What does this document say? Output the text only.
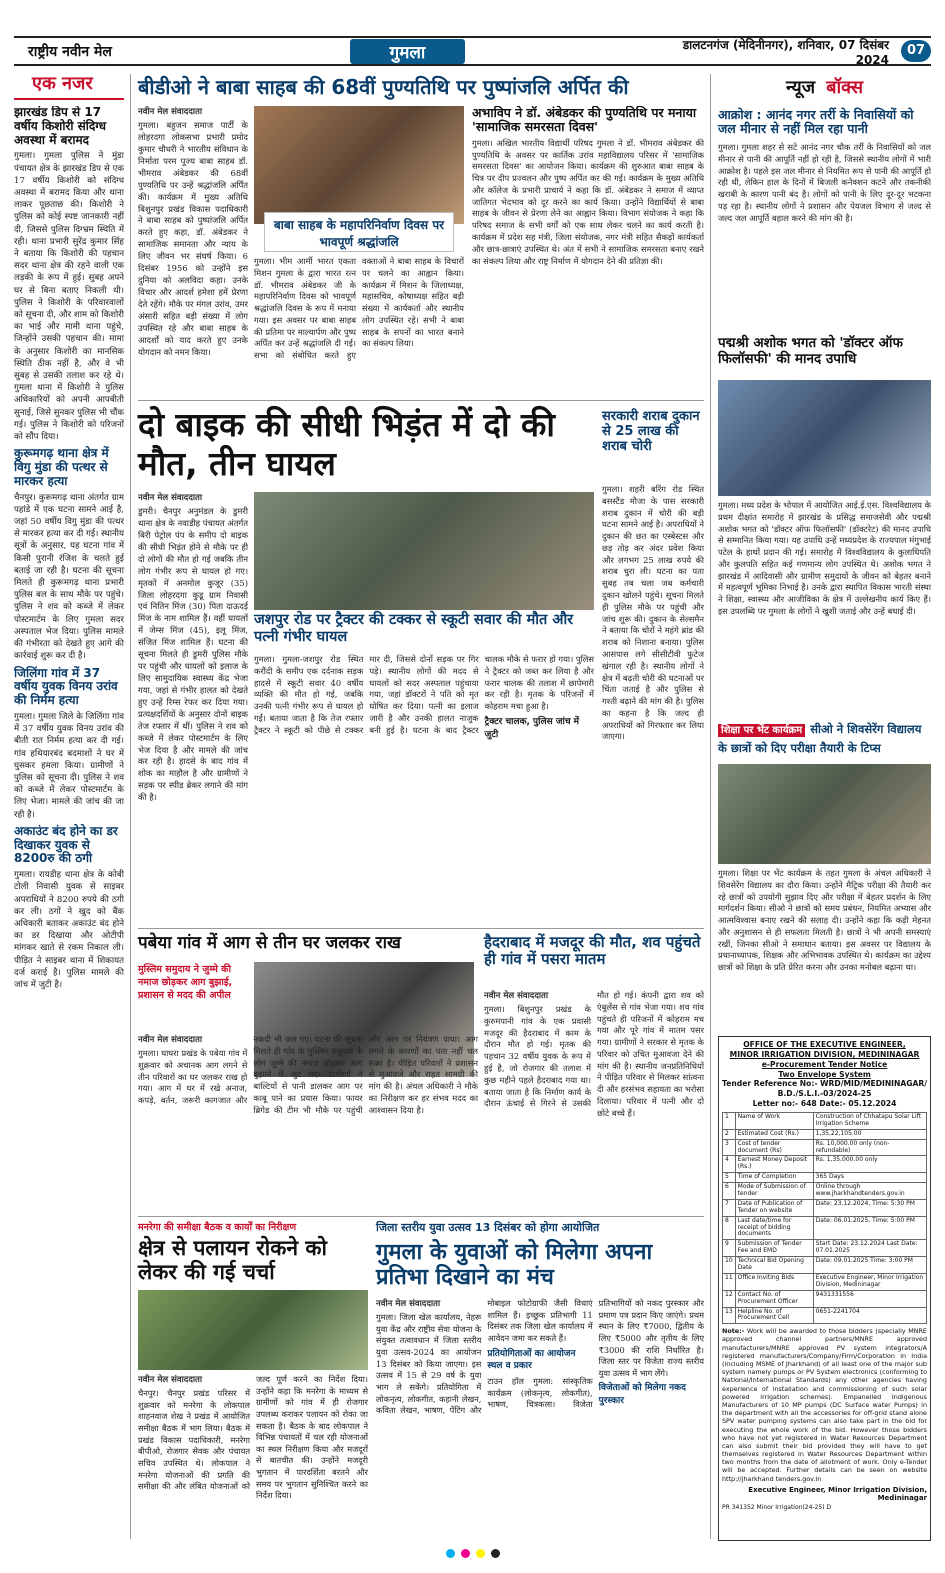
राष्ट्रीय नवीन मेल	गुमला	डालटनगंज (मेदिनीनगर), शनिवार, 07 दिसंबर 2024
07
एक नजर
झारखंड डिप से 17 वर्षीय किशोरी संदिग्ध अवस्था में बरामद

गुमला। गुमला पुलिस ने मुंडा पंचायत क्षेत्र के झारखंड डिप से एक 17 वर्षीय किशोरी को संदिग्ध अवस्था में बरामद किया और थाना लाकर पूछताछ की। किशोरी ने पुलिस को कोई स्पष्ट जानकारी नहीं दी, जिससे पुलिस दिग्भ्रम स्थिति में रही। थाना प्रभारी सुरेंद्र कुमार सिंह ने बताया कि किशोरी की पहचान सदर थाना क्षेत्र की रहने वाली एक लड़की के रूप में हुई। सुबह अपने घर से बिना बताए निकली थी। पुलिस ने किशोरी के परिवारवालों को सूचना दी, और शाम को किशोरी का भाई और मामी थाना पहुंचे, जिन्होंने उसकी पहचान की। मामा के अनुसार किशोरी का मानसिक स्थिति ठीक नहीं है, और वे भी सुबह से उसकी तलाश कर रहे थे। गुमला थाना में किशोरी ने पुलिस अधिकारियों को अपनी आपबीती सुनाई, जिसे सुनकर पुलिस भी चौंक गई। पुलिस ने किशोरी को परिजनों को सौंप दिया।

कुरूमगढ़ थाना क्षेत्र में विगु मुंडा की पत्थर से मारकर हत्या

चैनपुर। कुरूमगढ़ थाना अंतर्गत ग्राम पहांडे में एक घटना सामने आई है, जहां 50 वर्षीय विगु मुंडा की पत्थर से मारकर हत्या कर दी गई। स्थानीय सूत्रों के अनुसार, यह घटना गांव में किसी पुरानी रंजिश के चलते हुई बताई जा रही है। घटना की सूचना मिलते ही कुरूमगढ़ थाना प्रभारी पुलिस बल के साथ मौके पर पहुंचे। पुलिस ने शव को कब्जे में लेकर पोस्टमार्टम के लिए गुमला सदर अस्पताल भेज दिया। पुलिस मामले की गंभीरता को देखते हुए आगे की कार्रवाई शुरू कर दी है।

जिलिंगा गांव में 37 वर्षीय युवक विनय उरांव की निर्मम हत्या

गुमला। गुमला जिले के जिलिंगा गांव में 37 वर्षीय युवक विनय उरांव की बीती रात निर्मम हत्या कर दी गई। गांव हथियारबंद बदमाशों ने घर में घुसकर हमला किया। ग्रामीणों ने पुलिस को सूचना दी। पुलिस ने शव को कब्जे में लेकर पोस्टमार्टम के लिए भेजा। मामले की जांच की जा रही है।

अकाउंट बंद होने का डर दिखाकर युवक से 8200रु की ठगी

गुमला। रायडीह थाना क्षेत्र के कोबी टोली निवासी युवक से साइबर अपराधियों ने 8200 रुपये की ठगी कर ली। ठगों ने खुद को बैंक अधिकारी बताकर अकाउंट बंद होने का डर दिखाया और ओटीपी मांगकर खाते से रकम निकाल ली। पीड़ित ने साइबर थाना में शिकायत दर्ज कराई है। पुलिस मामले की जांच में जुटी है।

बीडीओ ने बाबा साहब की 68वीं पुण्यतिथि पर पुष्पांजलि अर्पित की
नवीन मेल संवाददाता

गुमला। बहुजन समाज पार्टी के लोहरदगा लोकसभा प्रभारी प्रमोद कुमार चौधरी ने भारतीय संविधान के निर्माता परम पूज्य बाबा साहब डॉ. भीमराव अंबेडकर की 68वीं पुण्यतिथि पर उन्हें श्रद्धांजलि अर्पित की। कार्यक्रम में मुख्य अतिथि बिशुनपुर प्रखंड विकास पदाधिकारी ने बाबा साहब को पुष्पांजलि अर्पित करते हुए कहा, डॉ. अंबेडकर ने सामाजिक समानता और न्याय के लिए जीवन भर संघर्ष किया। 6 दिसंबर 1956 को उन्होंने इस दुनिया को अलविदा कहा। उनके विचार और आदर्श हमेशा हमें प्रेरणा देते रहेंगे। मौके पर मंगल उरांव, उमर अंसारी सहित बड़ी संख्या में लोग उपस्थित रहे और बाबा साहब के आदर्शों को याद करते हुए उनके योगदान को नमन किया।

बाबा साहब के महापरिनिर्वाण दिवस पर भावपूर्ण श्रद्धांजलि

गुमला। भीम आर्मी भारत एकता मिशन गुमला के द्वारा भारत रत्न डॉ. भीमराव अंबेडकर जी के महापरिनिर्वाण दिवस को भावपूर्ण श्रद्धांजलि दिवस के रूप में मनाया गया। इस अवसर पर बाबा साहब की प्रतिमा पर माल्यार्पण और पुष्प अर्पित कर उन्हें श्रद्धांजलि दी गई। सभा को संबोधित करते हुए वक्ताओं ने बाबा साहब के विचारों पर चलने का आह्वान किया। कार्यक्रम में मिशन के जिलाध्यक्ष, महासचिव, कोषाध्यक्ष सहित बड़ी संख्या में कार्यकर्ता और स्थानीय लोग उपस्थित रहे। सभी ने बाबा साहब के सपनों का भारत बनाने का संकल्प लिया।

अभाविप ने डॉ. अंबेडकर की पुण्यतिथि पर मनाया 'सामाजिक समरसता दिवस'

गुमला। अखिल भारतीय विद्यार्थी परिषद गुमला ने डॉ. भीमराव अंबेडकर की पुण्यतिथि के अवसर पर कार्तिक उरांव महाविद्यालय परिसर में 'सामाजिक समरसता दिवस' का आयोजन किया। कार्यक्रम की शुरुआत बाबा साहब के चित्र पर दीप प्रज्वलन और पुष्प अर्पित कर की गई। कार्यक्रम के मुख्य अतिथि और कॉलेज के प्रभारी प्राचार्य ने कहा कि डॉ. अंबेडकर ने समाज में व्याप्त जातिगत भेदभाव को दूर करने का कार्य किया। उन्होंने विद्यार्थियों से बाबा साहब के जीवन से प्रेरणा लेने का आह्वान किया। विभाग संयोजक ने कहा कि परिषद समाज के सभी वर्गों को एक साथ लेकर चलने का कार्य करती है। कार्यक्रम में प्रदेश सह मंत्री, जिला संयोजक, नगर मंत्री सहित सैकड़ों कार्यकर्ता और छात्र-छात्राएं उपस्थित थे। अंत में सभी ने सामाजिक समरसता बनाए रखने का संकल्प लिया और राष्ट्र निर्माण में योगदान देने की प्रतिज्ञा की।

दो बाइक की सीधी भिड़ंत में दो की मौत, तीन घायल
नवीन मेल संवाददाता

डुमरी। चैनपुर अनुमंडल के डुमरी थाना क्षेत्र के नवाडीह पंचायत अंतर्गत बिरी पेट्रोल पंप के समीप दो बाइक की सीधी भिड़ंत होने से मौके पर ही दो लोगों की मौत हो गई जबकि तीन लोग गंभीर रूप से घायल हो गए। मृतकों में अनमोल कुजूर (35) जिला लोहरदगा कुडू ग्राम निवासी एवं नितिन मिंज (30) पिता दाऊदई मिंज के नाम शामिल हैं। वहीं घायलों में जेम्स मिंज (45), इलू मिंज, संजित मिंज शामिल हैं। घटना की सूचना मिलते ही डुमरी पुलिस मौके पर पहुंची और घायलों को इलाज के लिए सामुदायिक स्वास्थ्य केंद्र भेजा गया, जहां से गंभीर हालत को देखते हुए उन्हें रिम्स रेफर कर दिया गया। प्रत्यक्षदर्शियों के अनुसार दोनों बाइक तेज रफ्तार में थीं। पुलिस ने शव को कब्जे में लेकर पोस्टमार्टम के लिए भेज दिया है और मामले की जांच कर रही है। हादसे के बाद गांव में शोक का माहौल है और ग्रामीणों ने सड़क पर स्पीड ब्रेकर लगाने की मांग की है।

जशपुर रोड पर ट्रैक्टर की टक्कर से स्कूटी सवार की मौत और पत्नी गंभीर घायल

गुमला। गुमला-जशपुर रोड स्थित करौंदी के समीप एक दर्दनाक सड़क हादसे में स्कूटी सवार 40 वर्षीय व्यक्ति की मौत हो गई, जबकि उनकी पत्नी गंभीर रूप से घायल हो गईं। बताया जाता है कि तेज रफ्तार ट्रैक्टर ने स्कूटी को पीछे से टक्कर मार दी, जिससे दोनों सड़क पर गिर पड़े। स्थानीय लोगों की मदद से घायलों को सदर अस्पताल पहुंचाया गया, जहां डॉक्टरों ने पति को मृत घोषित कर दिया। पत्नी का इलाज जारी है और उनकी हालत नाजुक बनी हुई है। घटना के बाद ट्रैक्टर चालक मौके से फरार हो गया। पुलिस ने ट्रैक्टर को जब्त कर लिया है और फरार चालक की तलाश में छापेमारी कर रही है। मृतक के परिजनों में कोहराम मचा हुआ है।

ट्रैक्टर चालक, पुलिस जांच में जुटी
सरकारी शराब दुकान से 25 लाख की शराब चोरी

गुमला। शहरी बरिंग रोड स्थित बसस्टैंड मौजा के पास सरकारी शराब दुकान में चोरी की बड़ी घटना सामने आई है। अपराधियों ने दुकान की छत का एस्बेस्टस और छड़ तोड़ कर अंदर प्रवेश किया और लगभग 25 लाख रुपये की शराब चुरा ली। घटना का पता सुबह तब चला जब कर्मचारी दुकान खोलने पहुंचे। सूचना मिलते ही पुलिस मौके पर पहुंची और जांच शुरू की। दुकान के सेल्समैन ने बताया कि चोरों ने महंगे ब्रांड की शराब को निशाना बनाया। पुलिस आसपास लगे सीसीटीवी फुटेज खंगाल रही है। स्थानीय लोगों ने क्षेत्र में बढ़ती चोरी की घटनाओं पर चिंता जताई है और पुलिस से गश्ती बढ़ाने की मांग की है। पुलिस का कहना है कि जल्द ही अपराधियों को गिरफ्तार कर लिया जाएगा।

पबेया गांव में आग से तीन घर जलकर राख
मुस्लिम समुदाय ने जुम्मे की नमाज छोड़कर आग बुझाई, प्रशासन से मदद की अपील
नवीन मेल संवाददाता

गुमला। घाघरा प्रखंड के पबेया गांव में शुक्रवार को अचानक आग लगने से तीन परिवारों का घर जलकर राख हो गया। आग में घर में रखे अनाज, कपड़े, बर्तन, जरूरी कागजात और नकदी भी जल गए। घटना की सूचना मिलते ही गांव के मुस्लिम समुदाय के लोग जुम्मे की नमाज छोड़कर आग बुझाने में जुट गए। ग्रामीणों ने बाल्टियों से पानी डालकर आग पर काबू पाने का प्रयास किया। फायर ब्रिगेड की टीम भी मौके पर पहुंची और आग पर नियंत्रण पाया। आग लगने के कारणों का पता नहीं चल सका है। पीड़ित परिवारों ने प्रशासन से मुआवजे और राहत सामग्री की मांग की है। अंचल अधिकारी ने मौके का निरीक्षण कर हर संभव मदद का आश्वासन दिया है।

हैदराबाद में मजदूर की मौत, शव पहुंचते ही गांव में पसरा मातम
नवीन मेल संवाददाता

गुमला। बिशुनपुर प्रखंड के कुरुमपानी गांव के एक प्रवासी मजदूर की हैदराबाद में काम के दौरान मौत हो गई। मृतक की पहचान 32 वर्षीय युवक के रूप में हुई है, जो रोजगार की तलाश में कुछ महीने पहले हैदराबाद गया था। बताया जाता है कि निर्माण कार्य के दौरान ऊंचाई से गिरने से उसकी मौत हो गई। कंपनी द्वारा शव को एंबुलेंस से गांव भेजा गया। शव गांव पहुंचते ही परिजनों में कोहराम मच गया और पूरे गांव में मातम पसर गया। ग्रामीणों ने सरकार से मृतक के परिवार को उचित मुआवजा देने की मांग की है। स्थानीय जनप्रतिनिधियों ने पीड़ित परिवार से मिलकर सांत्वना दी और हरसंभव सहायता का भरोसा दिलाया। परिवार में पत्नी और दो छोटे बच्चे हैं।

मनरेगा की समीक्षा बैठक व कार्यों का निरीक्षण
क्षेत्र से पलायन रोकने को लेकर की गई चर्चा
नवीन मेल संवाददाता

चैनपुर। चैनपुर प्रखंड परिसर में शुक्रवार को मनरेगा के लोकपाल शाहनवाज शेख ने प्रखंड में आयोजित समीक्षा बैठक में भाग लिया। बैठक में प्रखंड विकास पदाधिकारी, मनरेगा बीपीओ, रोजगार सेवक और पंचायत सचिव उपस्थित थे। लोकपाल ने मनरेगा योजनाओं की प्रगति की समीक्षा की और लंबित योजनाओं को जल्द पूर्ण करने का निर्देश दिया। उन्होंने कहा कि मनरेगा के माध्यम से ग्रामीणों को गांव में ही रोजगार उपलब्ध कराकर पलायन को रोका जा सकता है। बैठक के बाद लोकपाल ने विभिन्न पंचायतों में चल रही योजनाओं का स्थल निरीक्षण किया और मजदूरों से बातचीत की। उन्होंने मजदूरी भुगतान में पारदर्शिता बरतने और समय पर भुगतान सुनिश्चित करने का निर्देश दिया।

जिला स्तरीय युवा उत्सव 13 दिसंबर को होगा आयोजित
गुमला के युवाओं को मिलेगा अपना प्रतिभा दिखाने का मंच
नवीन मेल संवाददाता

गुमला। जिला खेल कार्यालय, नेहरू युवा केंद्र और राष्ट्रीय सेवा योजना के संयुक्त तत्वावधान में जिला स्तरीय युवा उत्सव-2024 का आयोजन 13 दिसंबर को किया जाएगा। इस उत्सव में 15 से 29 वर्ष के युवा भाग ले सकेंगे। प्रतियोगिता में लोकनृत्य, लोकगीत, कहानी लेखन, कविता लेखन, भाषण, पेंटिंग और मोबाइल फोटोग्राफी जैसी विधाएं शामिल हैं। इच्छुक प्रतिभागी 11 दिसंबर तक जिला खेल कार्यालय में आवेदन जमा कर सकते हैं।

प्रतियोगिताओं का आयोजन स्थल व प्रकार

टाउन हॉल गुमला: सांस्कृतिक कार्यक्रम (लोकनृत्य, लोकगीत), भाषण, चित्रकला। विजेता प्रतिभागियों को नकद पुरस्कार और प्रमाण पत्र प्रदान किए जाएंगे। प्रथम स्थान के लिए ₹7000, द्वितीय के लिए ₹5000 और तृतीय के लिए ₹3000 की राशि निर्धारित है। जिला स्तर पर विजेता राज्य स्तरीय युवा उत्सव में भाग लेंगे।

विजेताओं को मिलेगा नकद पुरस्कार
न्यूज बॉक्स
आक्रोश : आनंद नगर तर्री के निवासियों को जल मीनार से नहीं मिल रहा पानी

गुमला। गुमला शहर से सटे आनंद नगर चौक तर्री के निवासियों को जल मीनार से पानी की आपूर्ति नहीं हो रही है, जिससे स्थानीय लोगों में भारी आक्रोश है। पहले इस जल मीनार से नियमित रूप से पानी की आपूर्ति हो रही थी, लेकिन हाल के दिनों में बिजली कनेक्शन कटने और तकनीकी खराबी के कारण पानी बंद है। लोगों को पानी के लिए दूर-दूर भटकना पड़ रहा है। स्थानीय लोगों ने प्रशासन और पेयजल विभाग से जल्द से जल्द जल आपूर्ति बहाल करने की मांग की है।

पद्मश्री अशोक भगत को 'डॉक्टर ऑफ फिलॉसफी' की मानद उपाधि

गुमला। मध्य प्रदेश के भोपाल में आयोजित आई.ई.एस. विश्वविद्यालय के प्रथम दीक्षांत समारोह में झारखंड के प्रसिद्ध समाजसेवी और पद्मश्री अशोक भगत को 'डॉक्टर ऑफ फिलॉसफी' (डॉक्टरेट) की मानद उपाधि से सम्मानित किया गया। यह उपाधि उन्हें मध्यप्रदेश के राज्यपाल मंगुभाई पटेल के हाथों प्रदान की गई। समारोह में विश्वविद्यालय के कुलाधिपति और कुलपति सहित कई गणमान्य लोग उपस्थित थे। अशोक भगत ने झारखंड में आदिवासी और ग्रामीण समुदायों के जीवन को बेहतर बनाने में महत्वपूर्ण भूमिका निभाई है। उनके द्वारा स्थापित विकास भारती संस्था ने शिक्षा, स्वास्थ्य और आजीविका के क्षेत्र में उल्लेखनीय कार्य किए हैं। इस उपलब्धि पर गुमला के लोगों ने खुशी जताई और उन्हें बधाई दी।

शिक्षा पर भेंट कार्यक्रम सीओ ने शिवसेरेंग विद्यालय के छात्रों को दिए परीक्षा तैयारी के टिप्स

गुमला। शिक्षा पर भेंट कार्यक्रम के तहत गुमला के अंचल अधिकारी ने शिवसेरेंग विद्यालय का दौरा किया। उन्होंने मैट्रिक परीक्षा की तैयारी कर रहे छात्रों को उपयोगी सुझाव दिए और परीक्षा में बेहतर प्रदर्शन के लिए मार्गदर्शन किया। सीओ ने छात्रों को समय प्रबंधन, नियमित अभ्यास और आत्मविश्वास बनाए रखने की सलाह दी। उन्होंने कहा कि कड़ी मेहनत और अनुशासन से ही सफलता मिलती है। छात्रों ने भी अपनी समस्याएं रखीं, जिनका सीओ ने समाधान बताया। इस अवसर पर विद्यालय के प्रधानाध्यापक, शिक्षक और अभिभावक उपस्थित थे। कार्यक्रम का उद्देश्य छात्रों को शिक्षा के प्रति प्रेरित करना और उनका मनोबल बढ़ाना था।

OFFICE OF THE EXECUTIVE ENGINEER,
MINOR IRRIGATION DIVISION, MEDININAGAR
e-Procurement Tender Notice
Two Envelope System
Tender Reference No:- WRD/MID/MEDININAGAR/
B.D./S.L.I.-03/2024-25
Letter no:- 648 Date:- 05.12.2024
1	Name of Work	Construction of Chhatapu Solar Lift Irrigation Scheme
2	Estimated Cost (Rs.)	1,35,22,105.00
3	Cost of tender document (Rs)	Rs. 10,000.00 only (non-refundable)
4	Earnest Money Deposit (Rs.)	Rs. 1,35,000.00 only
5	Time of Completion	365 Days
6	Mode of Submission of tender	Online through www.jharkhandtenders.gov.in
7	Date of Publication of Tender on website	Date: 23.12.2024, Time: 5:30 PM
8	Last date/time for receipt of bidding documents	Date: 06.01.2025, Time: 5:00 PM
9	Submission of Tender Fee and EMD	Start Date: 23.12.2024 Last Date: 07.01.2025
10	Technical Bid Opening Date	Date: 09.01.2025 Time: 3:00 PM
11	Office Inviting Bids	Executive Engineer, Minor Irrigation Division, Medininagar
12	Contact No. of Procurement Officer	9431331556
13	Helpline No. of Procurement Cell	0651-2241704
Note:- Work will be awarded to those bidders (specially MNRE approved channel partners/MNRE approved manufacturers/MNRE approved PV system integrators/A registered manufacturers/Company/Firm/Corporation in India (including MSME of Jharkhand) of all least one of the major sub system namely pumps or PV System electronics (conforming to National/International Standards) any other agencies having experience of installation and commissioning of such solar powered irrigation schemes). Empanelled Indigenous Manufacturers of 10 MP pumps (DC Surface water Pumps) in the department with all the accessories for off-grid stand alone SPV water pumping systems can also take part in the bid for executing the whole work of the bid. However those bidders who have not yet registered in Water Resources Department can also submit their bid provided they will have to get themselves registered in Water Resources Department within two months from the date of allotment of work. Only e-Tender will be accepted. Further details can be seen on website http://jharkhand tenders.gov.in
Executive Engineer, Minor Irrigation Division, Medininagar
PR 341352 Minor Irrigation(24-25) D
